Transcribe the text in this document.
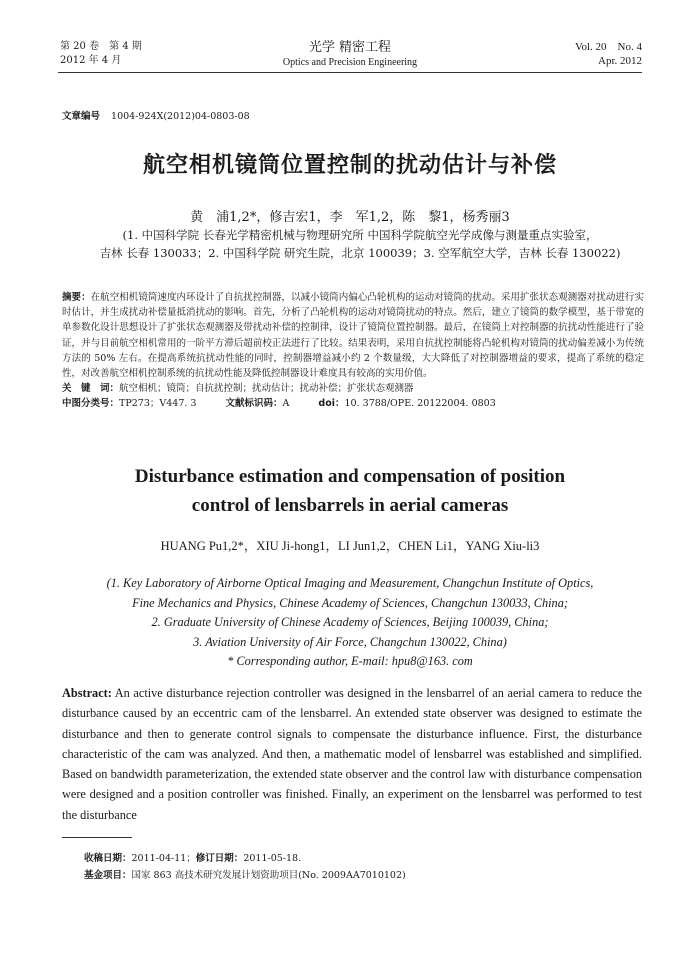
第 20 卷　第 4 期
2012 年 4 月
光学 精密工程
Optics and Precision Engineering
Vol. 20　No. 4
Apr. 2012
文章编号 1004-924X(2012)04-0803-08
航空相机镜筒位置控制的扰动估计与补偿
黄　浦1,2*，修吉宏1，李　军1,2，陈　黎1，杨秀丽3
(1. 中国科学院 长春光学精密机械与物理研究所 中国科学院航空光学成像与测量重点实验室，
吉林 长春 130033；2. 中国科学院 研究生院，北京 100039；3. 空军航空大学，吉林 长春 130022)
摘要：在航空相机镜筒速度内环设计了自抗扰控制器，以减小镜筒内偏心凸轮机构的运动对镜筒的扰动。采用扩张状态观测器对扰动进行实时估计，并生成扰动补偿量抵消扰动的影响。首先，分析了凸轮机构的运动对镜筒扰动的特点。然后，建立了镜筒的数学模型，基于带宽的单参数化设计思想设计了扩张状态观测器及带扰动补偿的控制律，设计了镜筒位置控制器。最后，在镜筒上对控制器的抗扰动性能进行了验证，并与目前航空相机常用的一阶平方滞后超前校正法进行了比较。结果表明，采用自抗扰控制能将凸轮机构对镜筒的扰动偏差减小为传统方法的 50% 左右。在提高系统抗扰动性能的同时，控制器增益减小约 2 个数量级，大大降低了对控制器增益的要求，提高了系统的稳定性，对改善航空相机控制系统的抗扰动性能及降低控制器设计难度具有较高的实用价值。
关　键　词：航空相机；镜筒；自抗扰控制；扰动估计；扰动补偿；扩张状态观测器
中图分类号：TP273；V447. 3	文献标识码：A	doi：10. 3788/OPE. 20122004. 0803
Disturbance estimation and compensation of position
control of lensbarrels in aerial cameras
HUANG Pu1,2*，XIU Ji-hong1，LI Jun1,2，CHEN Li1，YANG Xiu-li3
(1. Key Laboratory of Airborne Optical Imaging and Measurement, Changchun Institute of Optics,
Fine Mechanics and Physics, Chinese Academy of Sciences, Changchun 130033, China;
2. Graduate University of Chinese Academy of Sciences, Beijing 100039, China;
3. Aviation University of Air Force, Changchun 130022, China)
* Corresponding author, E-mail: hpu8@163. com
Abstract: An active disturbance rejection controller was designed in the lensbarrel of an aerial camera to reduce the disturbance caused by an eccentric cam of the lensbarrel. An extended state observer was designed to estimate the disturbance and then to generate control signals to compensate the disturbance influence. First, the disturbance characteristic of the cam was analyzed. And then, a mathematic model of lensbarrel was established and simplified. Based on bandwidth parameterization, the extended state observer and the control law with disturbance compensation were designed and a position controller was finished. Finally, an experiment on the lensbarrel was performed to test the disturbance
收稿日期：2011-04-11；修订日期：2011-05-18.
基金项目：国家 863 高技术研究发展计划资助项目(No. 2009AA7010102)
